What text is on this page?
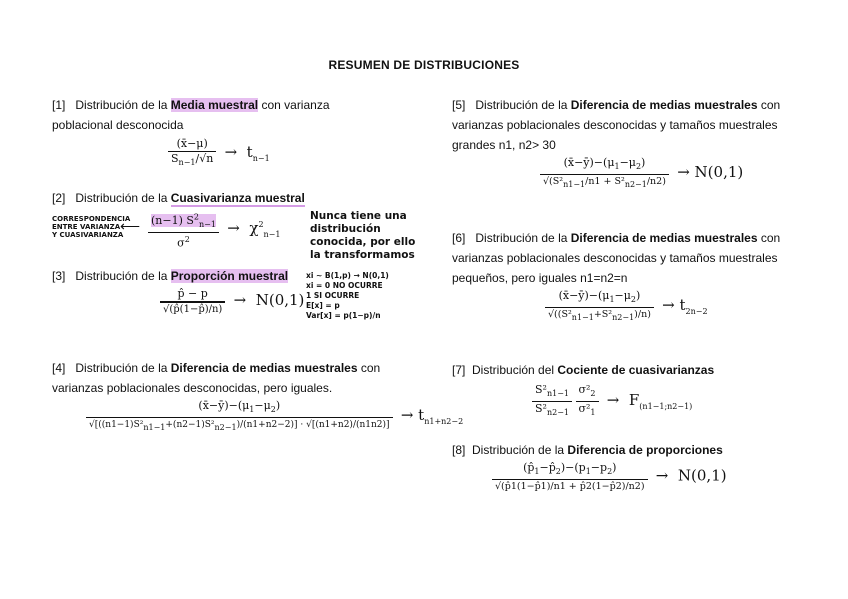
RESUMEN DE DISTRIBUCIONES
[1] Distribución de la Media muestral con varianza
poblacional desconocida
$\frac{(x̄-\mu)}{S_{n-1}/√n} \to t_{n-1}$
[2] Distribución de la Cuasivarianza muestral
CORRESPONDENCIA
ENTRE VARIANZA
Y CUASIVARIANZA
⟵ $\frac{(n-1) S^2_{n-1}}{\sigma^2} \to \chi^2_{n-1}$
Nunca tiene una
distribución
conocida, por ello
la transformamos
[3] Distribución de la Proporción muestral
$\frac{p̂ - p}{√(p̂(1-p̂)/n)} \to N(0,1)$
xi ∼ B(1,p) → N(0,1)
xi = 0 NO OCURRE
1 SI OCURRE
E[x] = p
Var[x] = p(1−p)/n
[4] Distribución de la Diferencia de medias muestrales con
varianzas poblacionales desconocidas, pero iguales.
$\frac{(x̄-ȳ)-(\mu_1-\mu_2)}{√[((n1-1)S^2_{n1-1}+(n2-1)S^2_{n2-1})/(n1+n2-2)] \cdot √[(n1+n2)/(n1n2)]} \to t_{n1+n2-2}$
[5] Distribución de la Diferencia de medias muestrales con
varianzas poblacionales desconocidas y tamaños muestrales
grandes n1, n2> 30
$\frac{(x̄-ȳ)-(\mu_1-\mu_2)}{√(S^2_{n1-1}/n1 + S^2_{n2-1}/n2)} \to N(0,1)$
[6] Distribución de la Diferencia de medias muestrales con
varianzas poblacionales desconocidas y tamaños muestrales
pequeños, pero iguales n1=n2=n
$\frac{(x̄-ȳ)-(\mu_1-\mu_2)}{√((S^2_{n1-1}+S^2_{n2-1})/n)} \to t_{2n-2}$
[7] Distribución del Cociente de cuasivarianzas
$\frac{S^2_{n1-1}}{S^2_{n2-1}}$
$\frac{\sigma^2_2}{\sigma^2_1} \to F_{(n1-1;n2-1)}$
[8] Distribución de la Diferencia de proporciones
$\frac{(p̂_1-p̂_2)-(p_1-p_2)}{√(p̂1(1-p̂1)/n1 + p̂2(1-p̂2)/n2)} \to N(0,1)$
